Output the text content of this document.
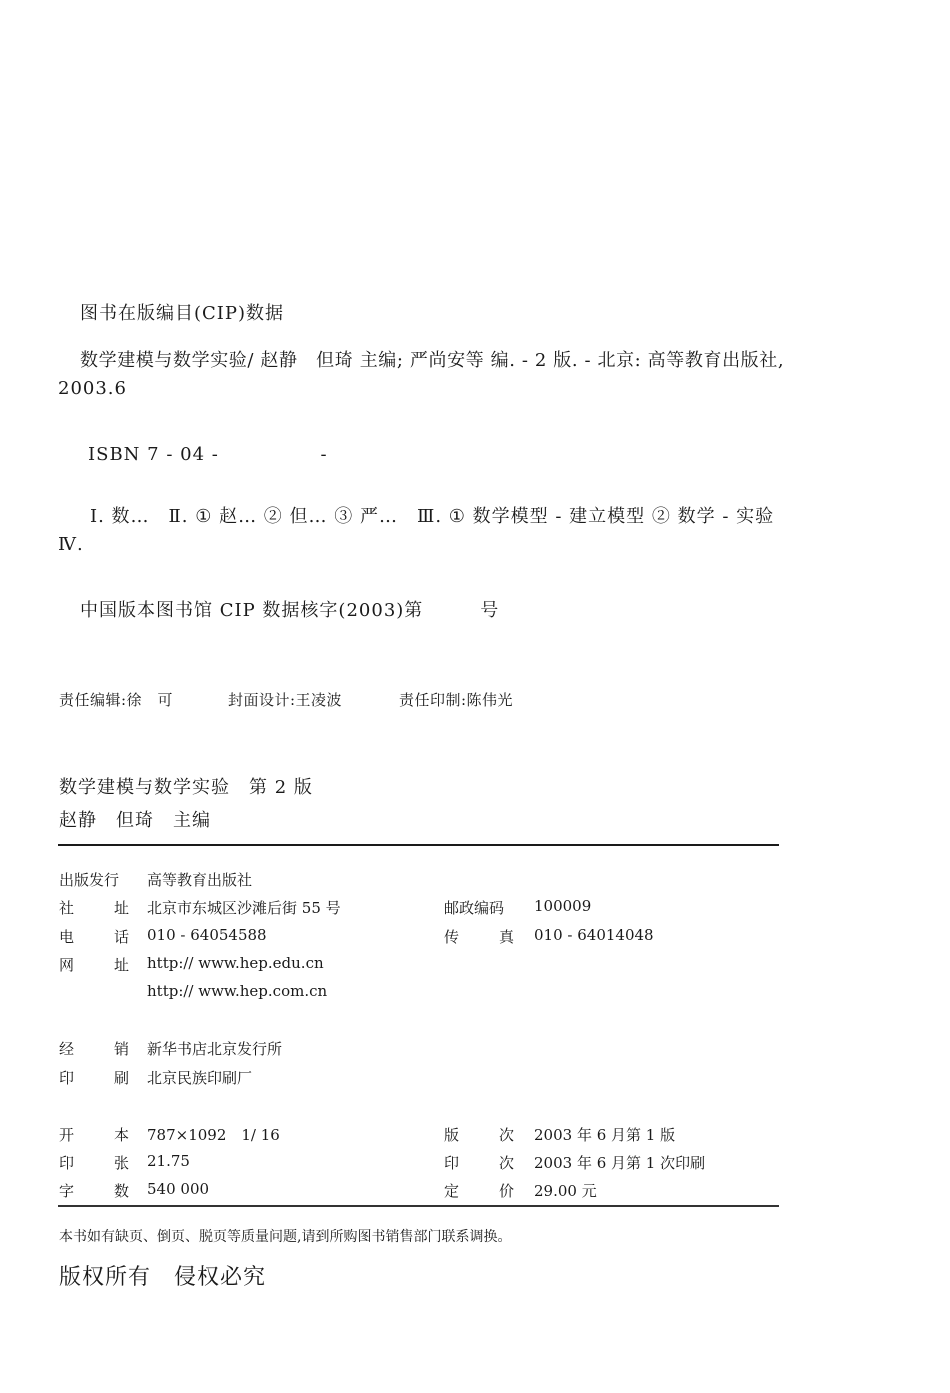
图书在版编目(CIP)数据
数学建模与数学实验/ 赵静　但琦 主编; 严尚安等 编. - 2 版. - 北京: 高等教育出版社,
2003.6
ISBN 7 - 04 -　　　　　 -
Ⅰ. 数…　Ⅱ. ① 赵… ② 但… ③ 严…　Ⅲ. ① 数学模型 - 建立模型 ② 数学 - 实验
Ⅳ.
中国版本图书馆 CIP 数据核字(2003)第　　　号
责任编辑:徐　可	封面设计:王凌波	责任印制:陈伟光
数学建模与数学实验　第 2 版
赵静　但琦　主编
出版发行 高等教育出版社
社	址 北京市东城区沙滩后街 55 号	邮政编码 100009
电	话 010 - 64054588	传	真 010 - 64014048
网	址 http:// www.hep.edu.cn
http:// www.hep.com.cn
经	销 新华书店北京发行所
印	刷 北京民族印刷厂
开	本 787×1092　1/ 16	版	次 2003 年 6 月第 1 版
印	张 21.75	印	次 2003 年 6 月第 1 次印刷
字	数 540 000	定	价 29.00 元
本书如有缺页、倒页、脱页等质量问题,请到所购图书销售部门联系调换。
版权所有　侵权必究
